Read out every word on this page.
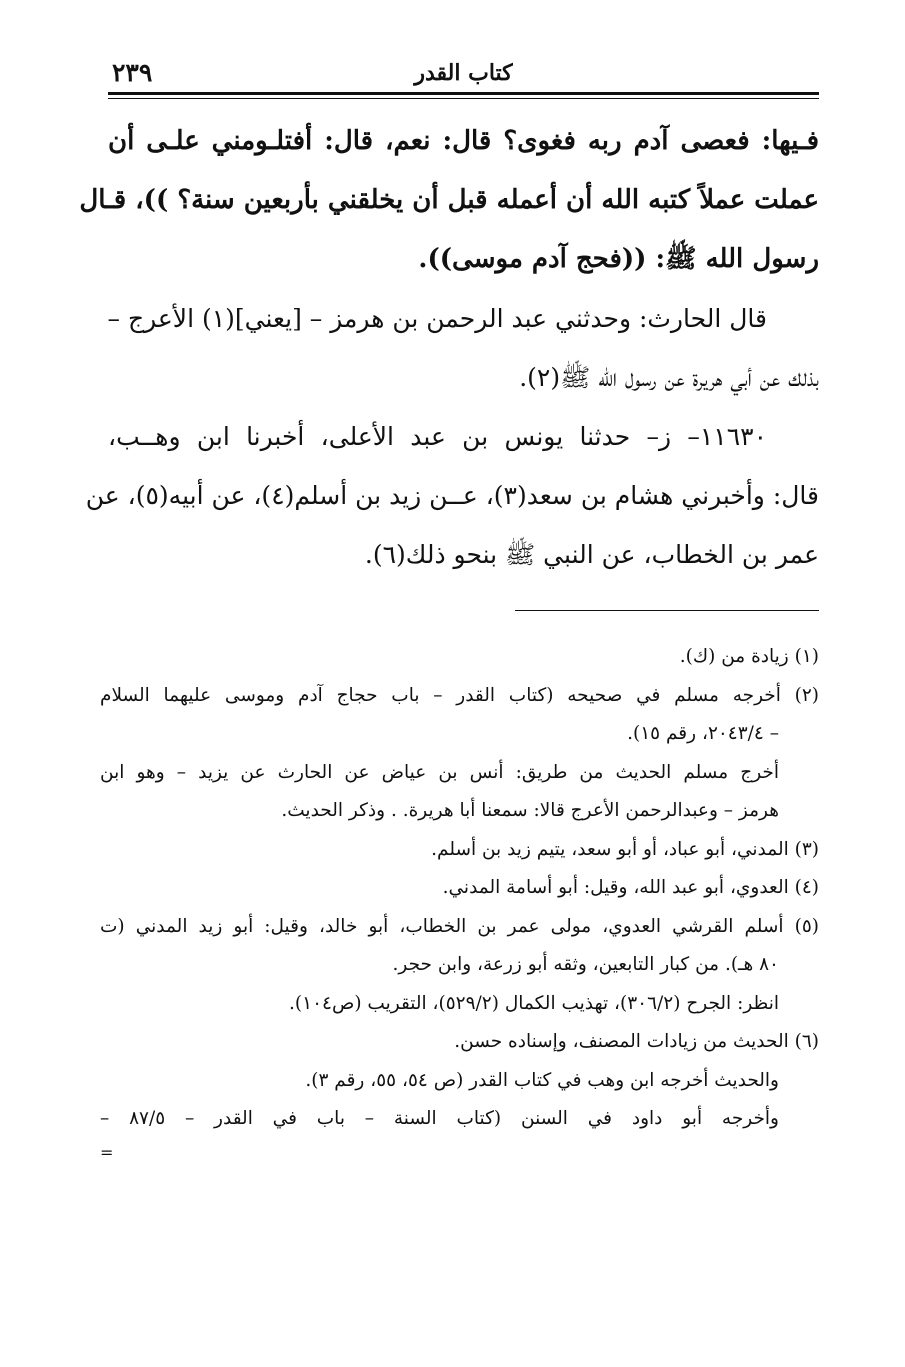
٢٣٩	كتاب القدر
فـيها: فعصى آدم ربه فغوى؟ قال: نعم، قال: أفتلـومني علـى أن
عملت عملاً كتبه الله أن أعمله قبل أن يخلقني بأربعين سنة؟ ))، قـال
رسول الله ﷺ: ((فحج آدم موسى)).
قال الحارث: وحدثني عبد الرحمن بن هرمز – [يعني](١) الأعرج –
بذلك عن أبي هريرة عن رسول الله ﷺ(٢).
١١٦٣٠– ز– حدثنا يونس بن عبد الأعلى، أخبرنا ابن وهــب،
قال: وأخبرني هشام بن سعد(٣)، عــن زيد بن أسلم(٤)، عن أبيه(٥)، عن
عمر بن الخطاب، عن النبي ﷺ بنحو ذلك(٦).
(١) زيادة من (ك).
(٢) أخرجه مسلم في صحيحه (كتاب القدر – باب حجاج آدم وموسى عليهما السلام
– ٢٠٤٣/٤، رقم ١٥).
أخرج مسلم الحديث من طريق: أنس بن عياض عن الحارث عن يزيد – وهو ابن
هرمز – وعبدالرحمن الأعرج قالا: سمعنا أبا هريرة. . وذكر الحديث.
(٣) المدني، أبو عباد، أو أبو سعد، يتيم زيد بن أسلم.
(٤) العدوي، أبو عبد الله، وقيل: أبو أسامة المدني.
(٥) أسلم القرشي العدوي، مولى عمر بن الخطاب، أبو خالد، وقيل: أبو زيد المدني (ت
٨٠ هـ). من كبار التابعين، وثقه أبو زرعة، وابن حجر.
انظر: الجرح (٣٠٦/٢)، تهذيب الكمال (٥٢٩/٢)، التقريب (ص١٠٤).
(٦) الحديث من زيادات المصنف، وإسناده حسن.
والحديث أخرجه ابن وهب في كتاب القدر (ص ٥٤، ٥٥، رقم ٣).
وأخرجه أبو داود في السنن (كتاب السنة – باب في القدر – ٨٧/٥ –
=
